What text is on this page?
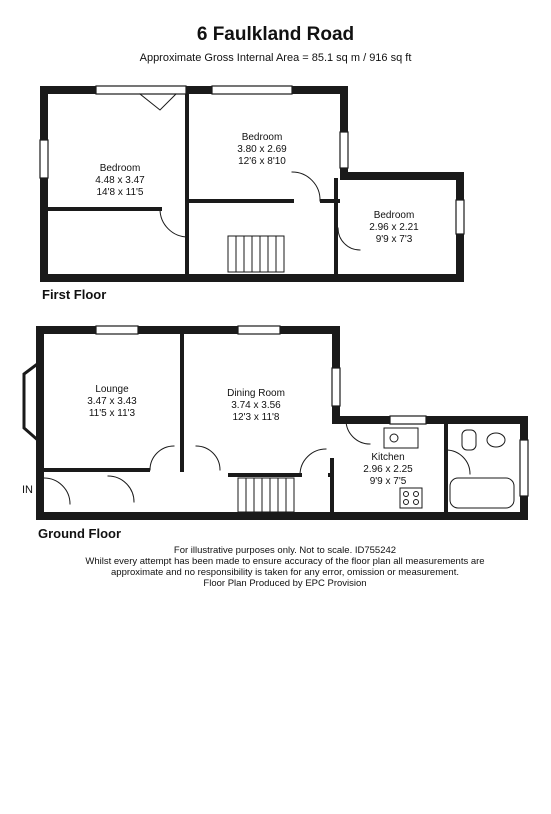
6 Faulkland Road
Approximate Gross Internal Area = 85.1 sq m / 916 sq ft
Bedroom
4.48 x 3.47
14'8 x 11'5
Bedroom
3.80 x 2.69
12'6 x 8'10
Bedroom
2.96 x 2.21
9'9 x 7'3
First Floor
Lounge
3.47 x 3.43
11'5 x 11'3
Dining Room
3.74 x 3.56
12'3 x 11'8
Kitchen
2.96 x 2.25
9'9 x 7'5
IN
Ground Floor
For illustrative purposes only. Not to scale. ID755242
Whilst every attempt has been made to ensure accuracy of the floor plan all measurements are
approximate and no responsibility is taken for any error, omission or measurement.
Floor Plan Produced by EPC Provision
